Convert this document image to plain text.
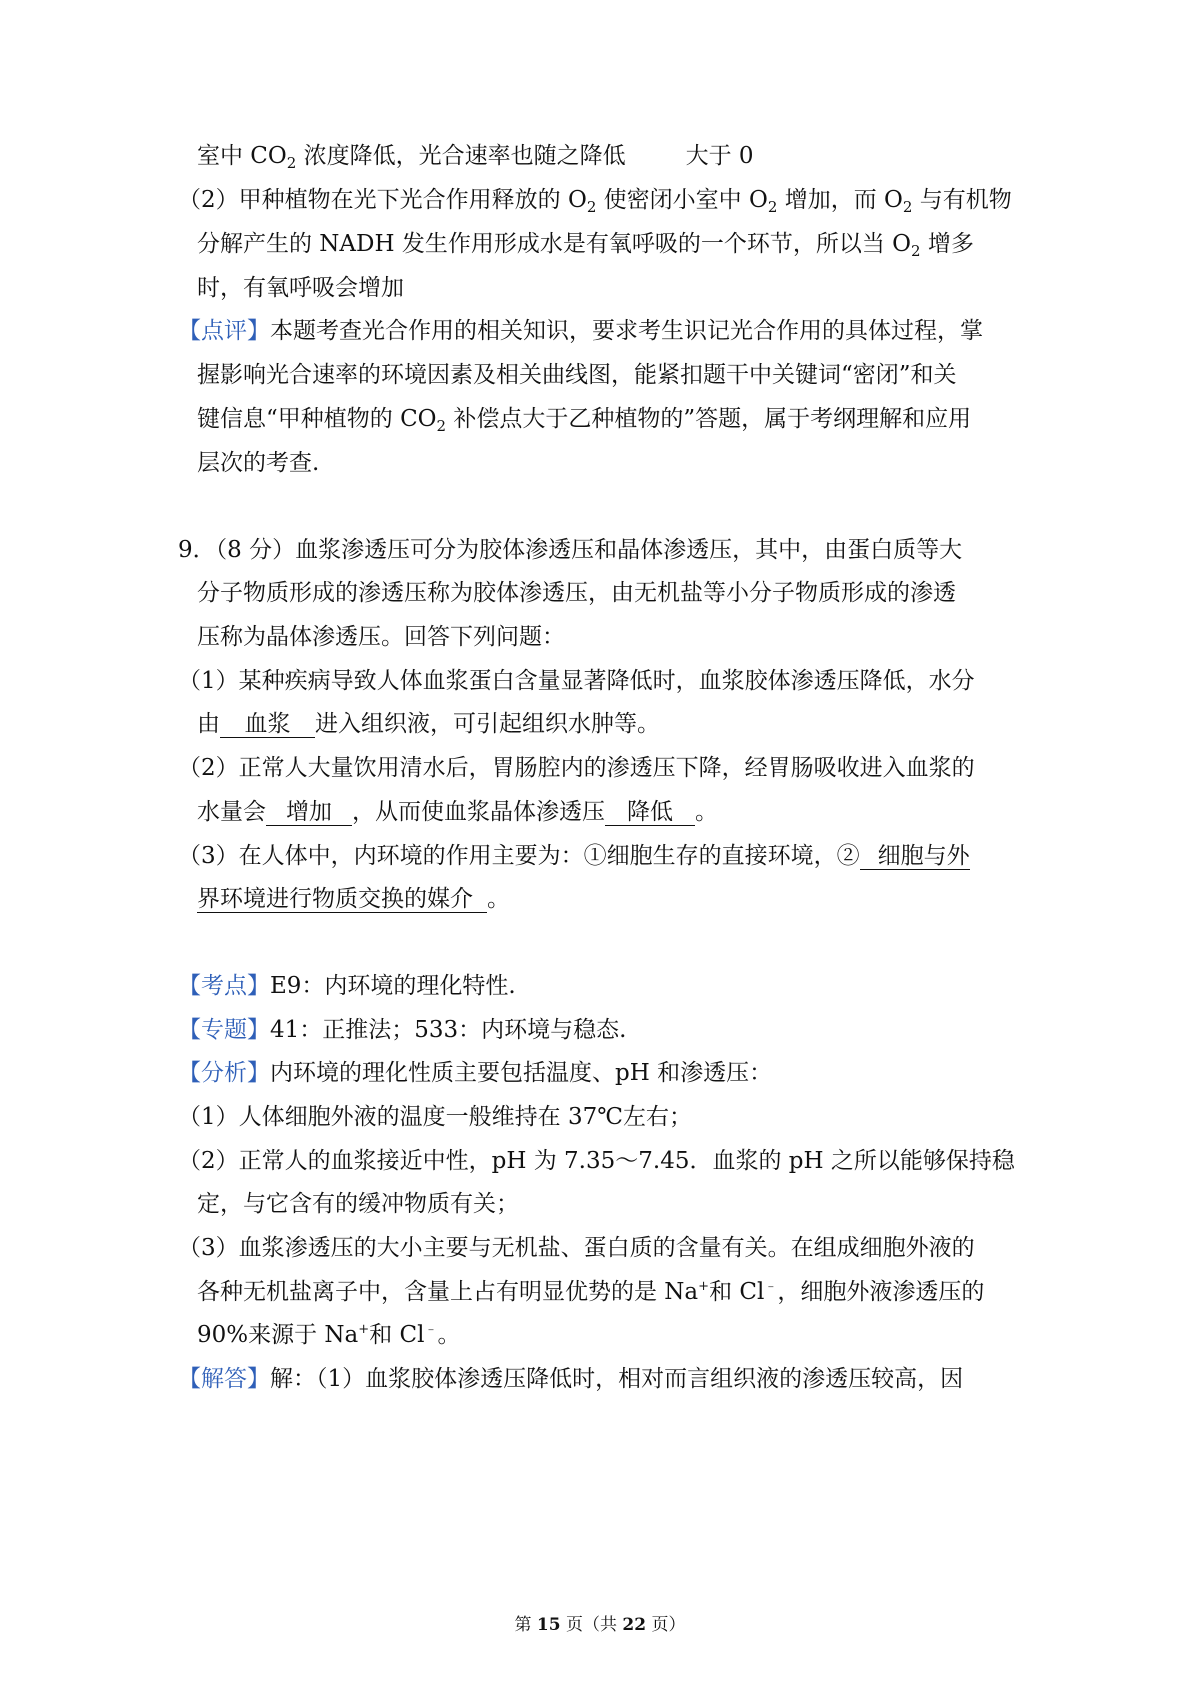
室中 $CO_2$ 浓度降低，光合速率也随之降低	大于 0
（2）甲种植物在光下光合作用释放的 $O_2$ 使密闭小室中 $O_2$ 增加，而 $O_2$ 与有机物
分解产生的 NADH 发生作用形成水是有氧呼吸的一个环节，所以当 $O_2$ 增多
时，有氧呼吸会增加
【点评】本题考查光合作用的相关知识，要求考生识记光合作用的具体过程，掌
握影响光合速率的环境因素及相关曲线图，能紧扣题干中关键词“密闭”和关
键信息“甲种植物的 $CO_2$ 补偿点大于乙种植物的”答题，属于考纲理解和应用
层次的考查.
9．（8 分）血浆渗透压可分为胶体渗透压和晶体渗透压，其中，由蛋白质等大
分子物质形成的渗透压称为胶体渗透压，由无机盐等小分子物质形成的渗透
压称为晶体渗透压。回答下列问题：
（1）某种疾病导致人体血浆蛋白含量显著降低时，血浆胶体渗透压降低，水分
由 血浆 进入组织液，可引起组织水肿等。
（2）正常人大量饮用清水后，胃肠腔内的渗透压下降，经胃肠吸收进入血浆的
水量会 增加 ，从而使血浆晶体渗透压 降低 。
（3）在人体中，内环境的作用主要为：①细胞生存的直接环境，② 细胞与外
界环境进行物质交换的媒介 。
【考点】E9：内环境的理化特性.
【专题】41：正推法；533：内环境与稳态.
【分析】内环境的理化性质主要包括温度、pH 和渗透压：
（1）人体细胞外液的温度一般维持在 37℃左右；
（2）正常人的血浆接近中性，pH 为 7.35～7.45．血浆的 pH 之所以能够保持稳
定，与它含有的缓冲物质有关；
（3）血浆渗透压的大小主要与无机盐、蛋白质的含量有关。在组成细胞外液的
各种无机盐离子中，含量上占有明显优势的是 Na+和 Cl﹣，细胞外液渗透压的
90%来源于 Na+和 Cl﹣。
【解答】解：（1）血浆胶体渗透压降低时，相对而言组织液的渗透压较高，因
第 15 页（共 22 页）
